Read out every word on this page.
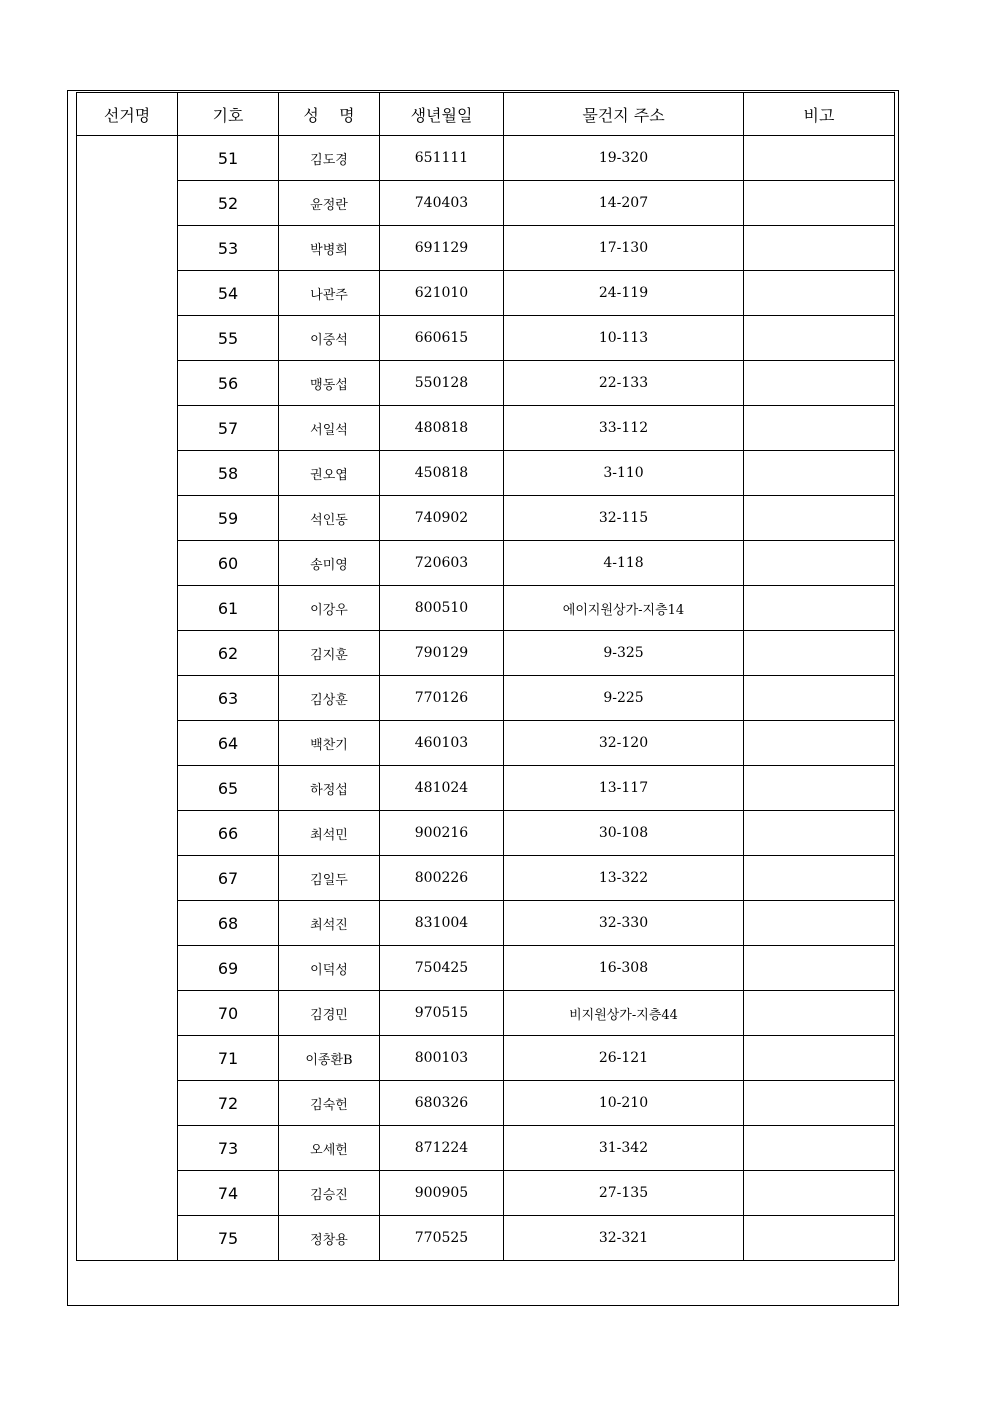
선거명	기호	성    명	생년월일	물건지 주소	비고
	51	김도경	651111	19-320	
	52	윤정란	740403	14-207	
	53	박병희	691129	17-130	
	54	나관주	621010	24-119	
	55	이중석	660615	10-113	
	56	맹동섭	550128	22-133	
	57	서일석	480818	33-112	
	58	권오엽	450818	3-110	
	59	석인동	740902	32-115	
	60	송미영	720603	4-118	
	61	이강우	800510	에이지원상가-지층14	
	62	김지훈	790129	9-325	
	63	김상훈	770126	9-225	
	64	백찬기	460103	32-120	
	65	하정섭	481024	13-117	
	66	최석민	900216	30-108	
	67	김일두	800226	13-322	
	68	최석진	831004	32-330	
	69	이덕성	750425	16-308	
	70	김경민	970515	비지원상가-지층44	
	71	이종환B	800103	26-121	
	72	김숙헌	680326	10-210	
	73	오세헌	871224	31-342	
	74	김승진	900905	27-135	
	75	정창용	770525	32-321	
